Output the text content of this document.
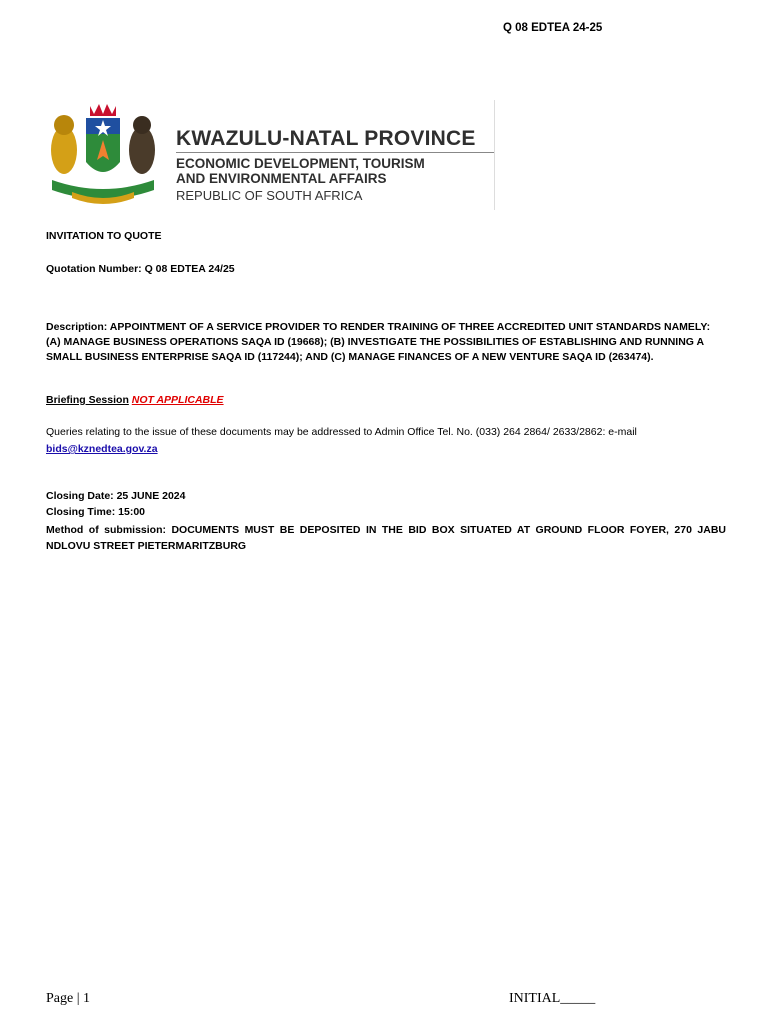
Q 08 EDTEA 24-25
KWAZULU-NATAL PROVINCE
ECONOMIC DEVELOPMENT, TOURISM
AND ENVIRONMENTAL AFFAIRS
REPUBLIC OF SOUTH AFRICA
INVITATION TO QUOTE
Quotation Number: Q 08 EDTEA 24/25
Description: APPOINTMENT OF A SERVICE PROVIDER TO RENDER TRAINING OF THREE ACCREDITED UNIT STANDARDS NAMELY:
(A) MANAGE BUSINESS OPERATIONS SAQA ID (19668); (B) INVESTIGATE THE POSSIBILITIES OF ESTABLISHING AND RUNNING A
SMALL BUSINESS ENTERPRISE SAQA ID (117244); AND (C) MANAGE FINANCES OF A NEW VENTURE SAQA ID (263474).
Briefing Session NOT APPLICABLE
Queries relating to the issue of these documents may be addressed to Admin Office Tel. No. (033) 264 2864/ 2633/2862: e-mail
bids@kznedtea.gov.za
Closing Date: 25 JUNE 2024
Closing Time: 15:00
Method of submission: DOCUMENTS MUST BE DEPOSITED IN THE BID BOX SITUATED AT GROUND FLOOR FOYER, 270 JABU NDLOVU STREET PIETERMARITZBURG
Page | 1	INITIAL_____
